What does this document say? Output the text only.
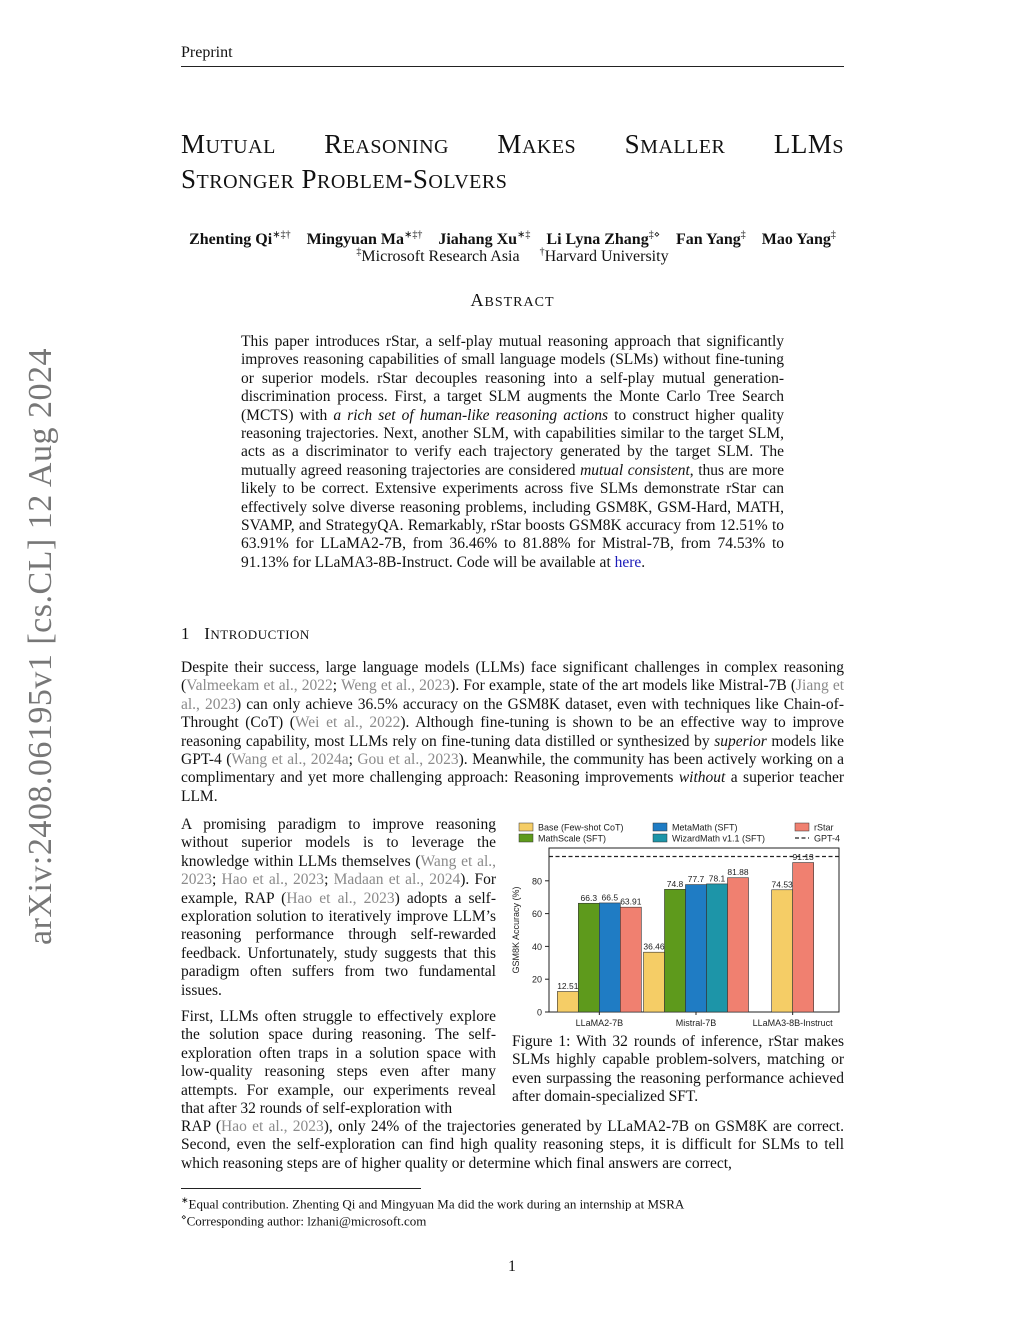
Preprint
arXiv:2408.06195v1 [cs.CL] 12 Aug 2024
MUTUAL REASONING MAKES SMALLER LLMS
STRONGER PROBLEM-SOLVERS
Zhenting Qi∗‡† Mingyuan Ma∗‡† Jiahang Xu∗‡ Li Lyna Zhang‡⋄ Fan Yang‡ Mao Yang‡
‡Microsoft Research Asia †Harvard University
ABSTRACT
This paper introduces rStar, a self-play mutual reasoning approach that significantly improves reasoning capabilities of small language models (SLMs) without fine-tuning or superior models. rStar decouples reasoning into a self-play mutual generation-discrimination process. First, a target SLM augments the Monte Carlo Tree Search (MCTS) with a rich set of human-like reasoning actions to construct higher quality reasoning trajectories. Next, another SLM, with capabilities similar to the target SLM, acts as a discriminator to verify each trajectory generated by the target SLM. The mutually agreed reasoning trajectories are considered mutual consistent, thus are more likely to be correct. Extensive experiments across five SLMs demonstrate rStar can effectively solve diverse reasoning problems, including GSM8K, GSM-Hard, MATH, SVAMP, and StrategyQA. Remarkably, rStar boosts GSM8K accuracy from 12.51% to 63.91% for LLaMA2-7B, from 36.46% to 81.88% for Mistral-7B, from 74.53% to 91.13% for LLaMA3-8B-Instruct. Code will be available at here.
1 INTRODUCTION
Despite their success, large language models (LLMs) face significant challenges in complex reasoning (Valmeekam et al., 2022; Weng et al., 2023). For example, state of the art models like Mistral-7B (Jiang et al., 2023) can only achieve 36.5% accuracy on the GSM8K dataset, even with techniques like Chain-of-Throught (CoT) (Wei et al., 2022). Although fine-tuning is shown to be an effective way to improve reasoning capability, most LLMs rely on fine-tuning data distilled or synthesized by superior models like GPT-4 (Wang et al., 2024a; Gou et al., 2023). Meanwhile, the community has been actively working on a complimentary and yet more challenging approach: Reasoning improvements without a superior teacher LLM.
A promising paradigm to improve reasoning without superior models is to leverage the knowledge within LLMs themselves (Wang et al., 2023; Hao et al., 2023; Madaan et al., 2024). For example, RAP (Hao et al., 2023) adopts a self-exploration solution to iteratively improve LLM’s reasoning performance through self-rewarded feedback. Unfortunately, study suggests that this paradigm often suffers from two fundamental issues.
First, LLMs often struggle to effectively explore the solution space during reasoning. The self-exploration often traps in a solution space with low-quality reasoning steps even after many attempts. For example, our experiments reveal that after 32 rounds of self-exploration with
RAP (Hao et al., 2023), only 24% of the trajectories generated by LLaMA2-7B on GSM8K are correct. Second, even the self-exploration can find high quality reasoning steps, it is difficult for SLMs to tell which reasoning steps are of higher quality or determine which final answers are correct,
0
20
40
60
80
GSM8K Accuracy (%)
12.51
66.3 66.5 63.91
LLaMA2-7B
36.46
74.8 77.7 78.1
81.88
Mistral-7B
74.53
91.13
LLaMA3-8B-Instruct
Base (Few-shot CoT)
MathScale (SFT)
MetaMath (SFT)
WizardMath v1.1 (SFT)
rStar
GPT-4
Figure 1: With 32 rounds of inference, rStar makes SLMs highly capable problem-solvers, matching or even surpassing the reasoning performance achieved after domain-specialized SFT.
∗Equal contribution. Zhenting Qi and Mingyuan Ma did the work during an internship at MSRA
⋄Corresponding author: lzhani@microsoft.com
1
